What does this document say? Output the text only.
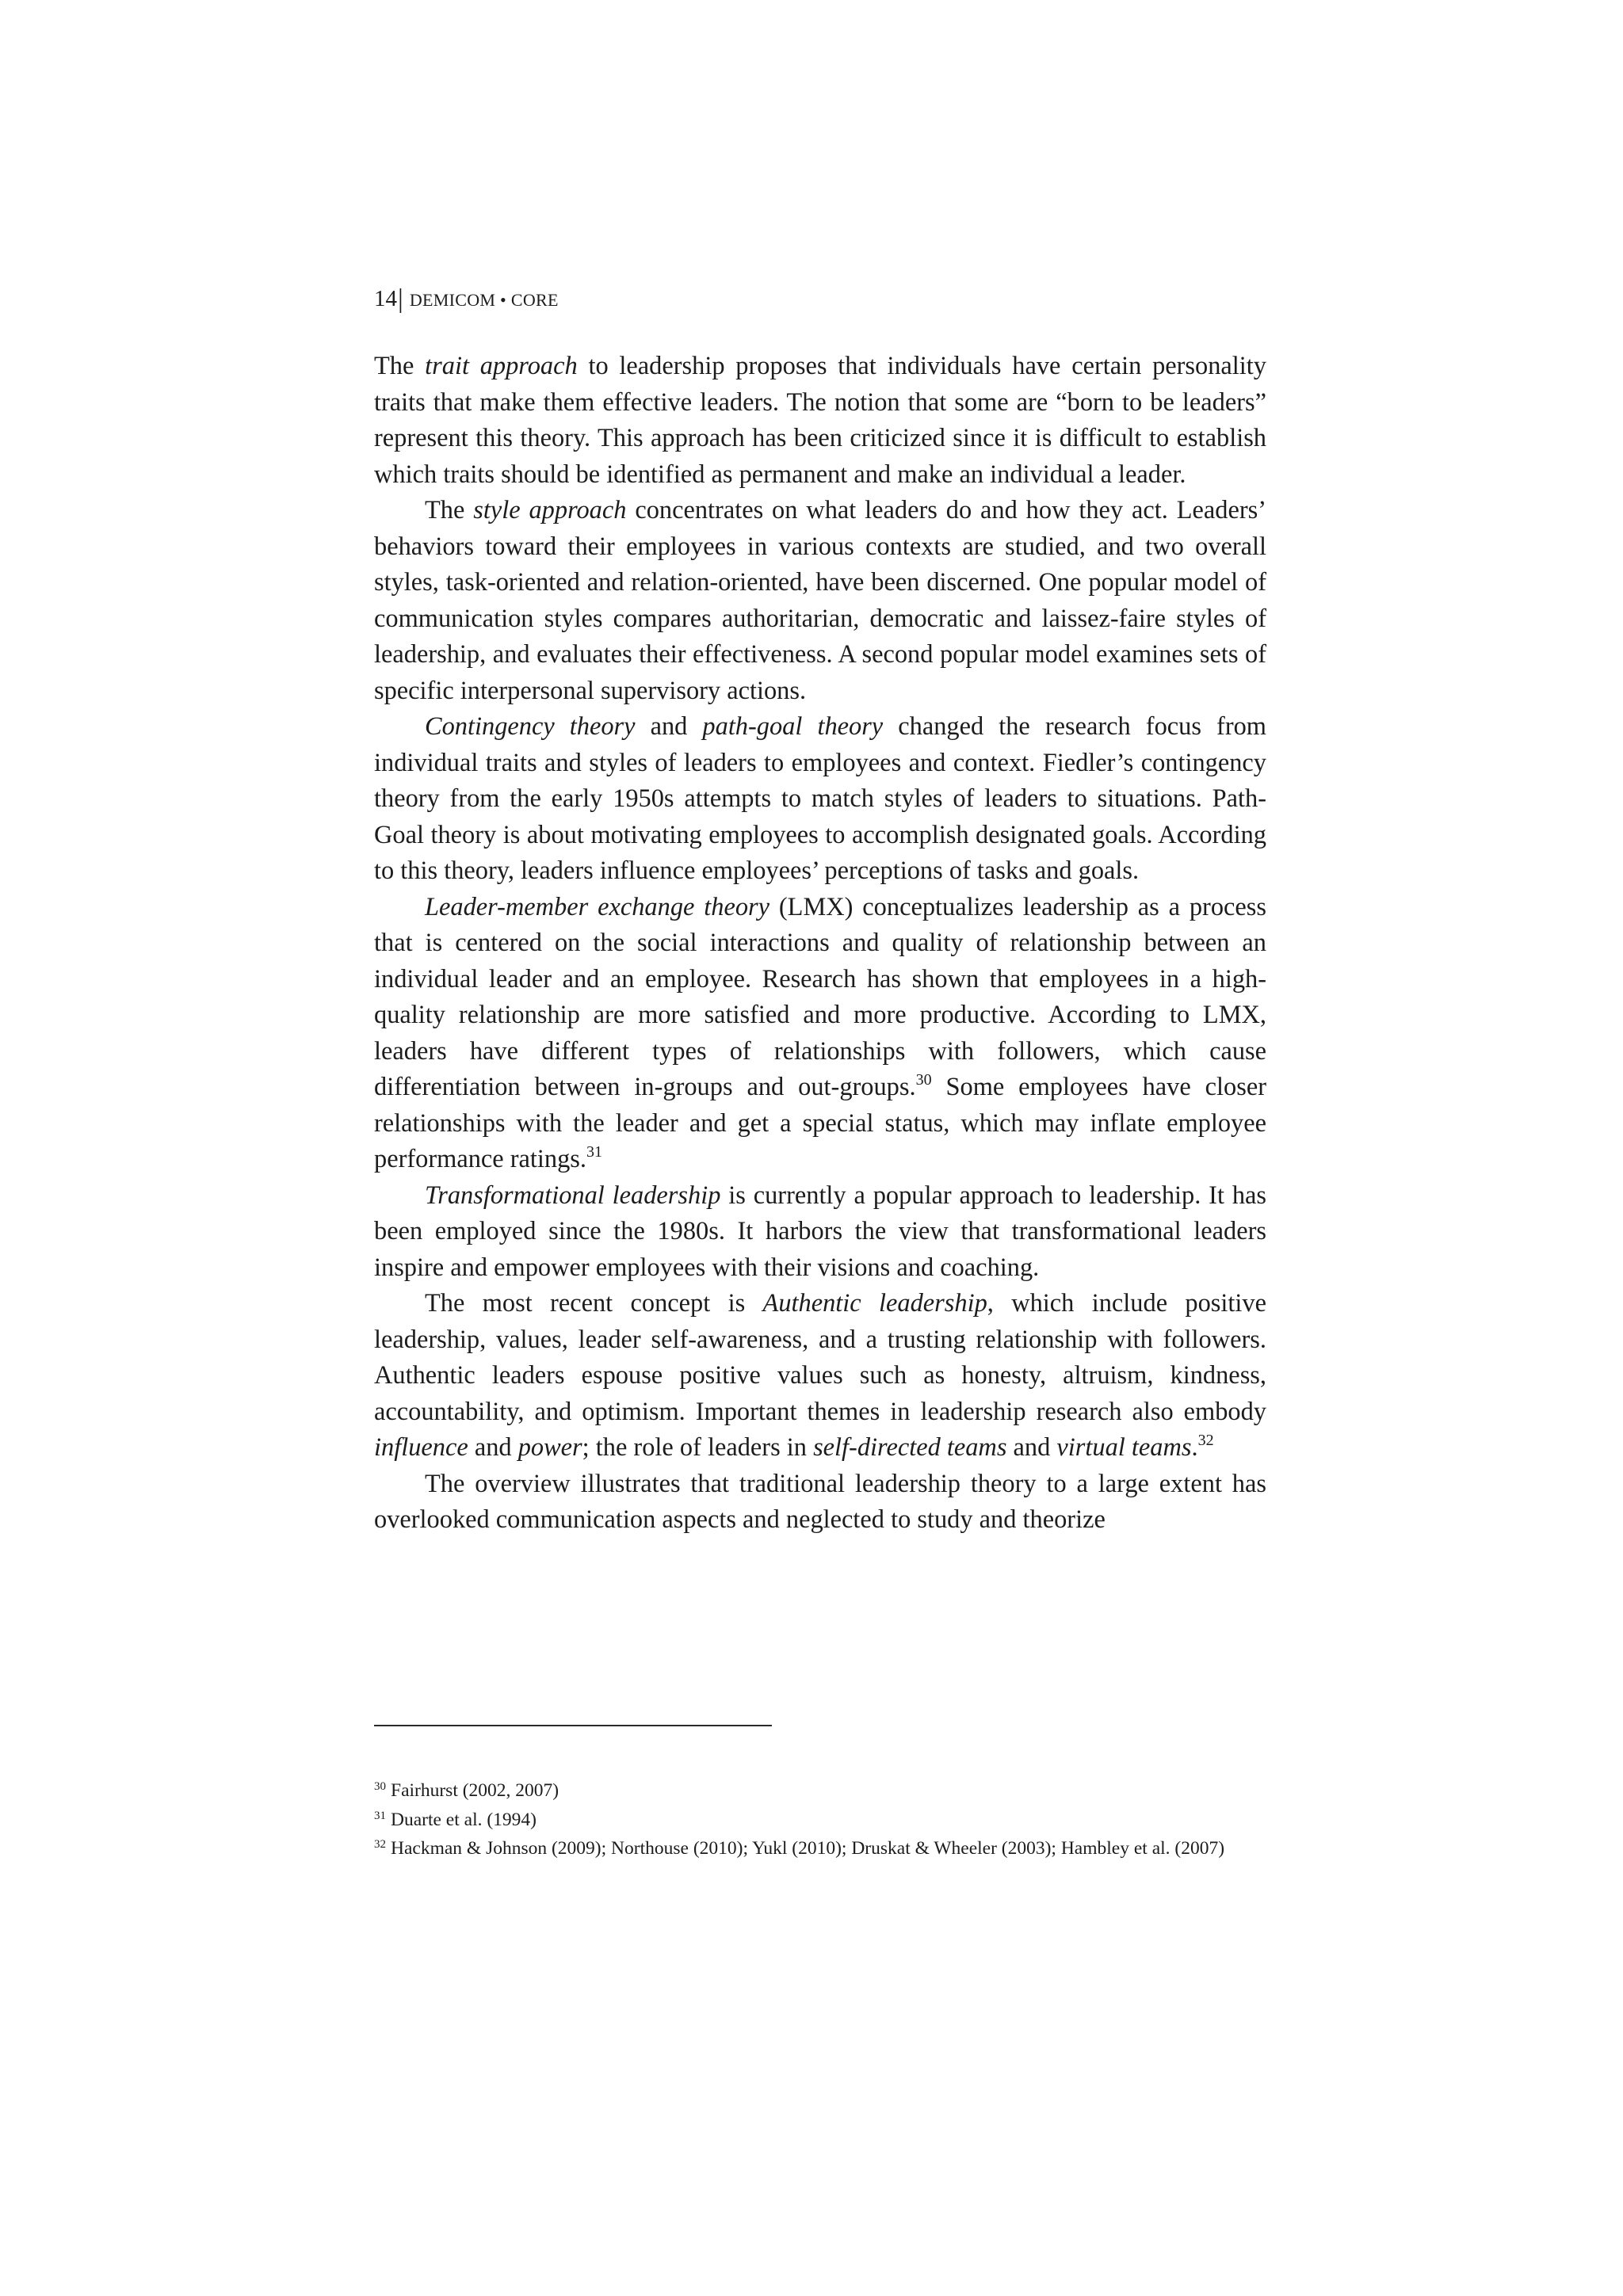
14| DEMICOM • CORE

The trait approach to leadership proposes that individuals have certain personality traits that make them effective leaders. The notion that some are “born to be leaders” represent this theory. This approach has been criticized since it is difficult to establish which traits should be identified as permanent and make an individual a leader.

The style approach concentrates on what leaders do and how they act. Leaders’ behaviors toward their employees in various contexts are studied, and two overall styles, task-oriented and relation-oriented, have been discerned. One popular model of communication styles compares authoritarian, democratic and laissez-faire styles of leadership, and evaluates their effectiveness. A second popular model examines sets of specific interpersonal supervisory actions.

Contingency theory and path-goal theory changed the research focus from individual traits and styles of leaders to employees and context. Fiedler’s contingency theory from the early 1950s attempts to match styles of leaders to situations. Path-Goal theory is about motivating employees to accomplish designated goals. According to this theory, leaders influence employees’ perceptions of tasks and goals.

Leader-member exchange theory (LMX) conceptualizes leadership as a process that is centered on the social interactions and quality of relationship between an individual leader and an employee. Research has shown that employees in a high-quality relationship are more satisfied and more productive. According to LMX, leaders have different types of relationships with followers, which cause differentiation between in-groups and out-groups.$^{30}$ Some employees have closer relationships with the leader and get a special status, which may inflate employee performance ratings.$^{31}$

Transformational leadership is currently a popular approach to leadership. It has been employed since the 1980s. It harbors the view that transformational leaders inspire and empower employees with their visions and coaching.

The most recent concept is Authentic leadership, which include positive leadership, values, leader self-awareness, and a trusting relationship with followers. Authentic leaders espouse positive values such as honesty, altruism, kindness, accountability, and optimism. Important themes in leadership research also embody influence and power; the role of leaders in self-directed teams and virtual teams.$^{32}$

The overview illustrates that traditional leadership theory to a large extent has overlooked communication aspects and neglected to study and theorize

$^{30}$ Fairhurst (2002, 2007)

$^{31}$ Duarte et al. (1994)

$^{32}$ Hackman & Johnson (2009); Northouse (2010); Yukl (2010); Druskat & Wheeler (2003); Hambley et al. (2007)
